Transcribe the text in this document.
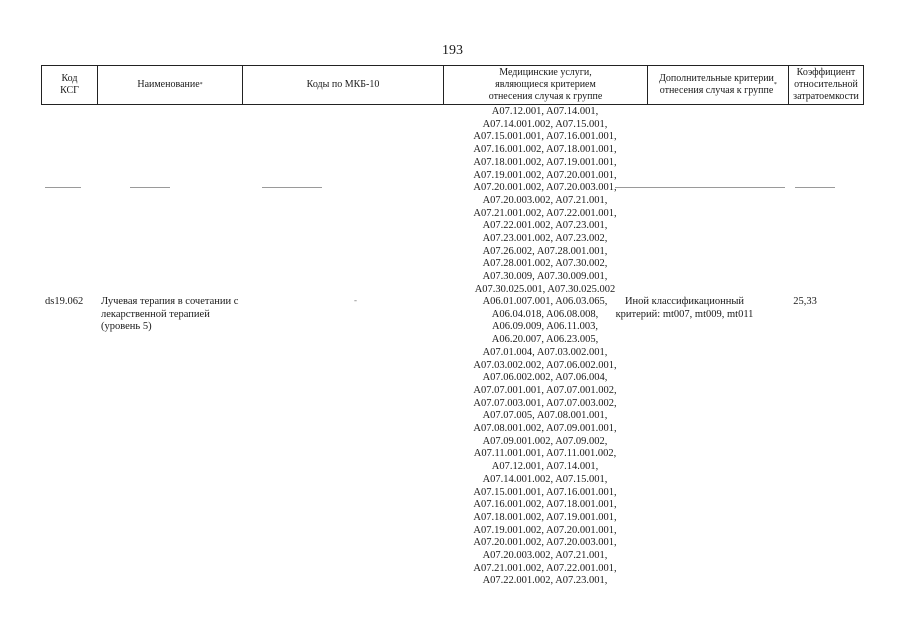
193
Код
КСГ
Наименование *	Коды по МКБ-10
Медицинские услуги,
являющиеся критерием
отнесения случая к группе
Дополнительные критерии
отнесения случая к группе *
Коэффициент
относительной
затратоемкости
A07.12.001, A07.14.001,
A07.14.001.002, A07.15.001,
A07.15.001.001, A07.16.001.001,
A07.16.001.002, A07.18.001.001,
A07.18.001.002, A07.19.001.001,
A07.19.001.002, A07.20.001.001,
A07.20.001.002, A07.20.003.001,
A07.20.003.002, A07.21.001,
A07.21.001.002, A07.22.001.001,
A07.22.001.002, A07.23.001,
A07.23.001.002, A07.23.002,
A07.26.002, A07.28.001.001,
A07.28.001.002, A07.30.002,
A07.30.009, A07.30.009.001,
A07.30.025.001, A07.30.025.002
ds19.062 Лучевая терапия в сочетании с лекарственной терапией (уровень 5)
-	A06.01.007.001, A06.03.065,
A06.04.018, A06.08.008,
A06.09.009, A06.11.003,
A06.20.007, A06.23.005,
A07.01.004, A07.03.002.001,
A07.03.002.002, A07.06.002.001,
A07.06.002.002, A07.06.004,
A07.07.001.001, A07.07.001.002,
A07.07.003.001, A07.07.003.002,
A07.07.005, A07.08.001.001,
A07.08.001.002, A07.09.001.001,
A07.09.001.002, A07.09.002,
A07.11.001.001, A07.11.001.002,
A07.12.001, A07.14.001,
A07.14.001.002, A07.15.001,
A07.15.001.001, A07.16.001.001,
A07.16.001.002, A07.18.001.001,
A07.18.001.002, A07.19.001.001,
A07.19.001.002, A07.20.001.001,
A07.20.001.002, A07.20.003.001,
A07.20.003.002, A07.21.001,
A07.21.001.002, A07.22.001.001,
A07.22.001.002, A07.23.001,
Иной классификационный критерий: mt007, mt009, mt011
25,33
